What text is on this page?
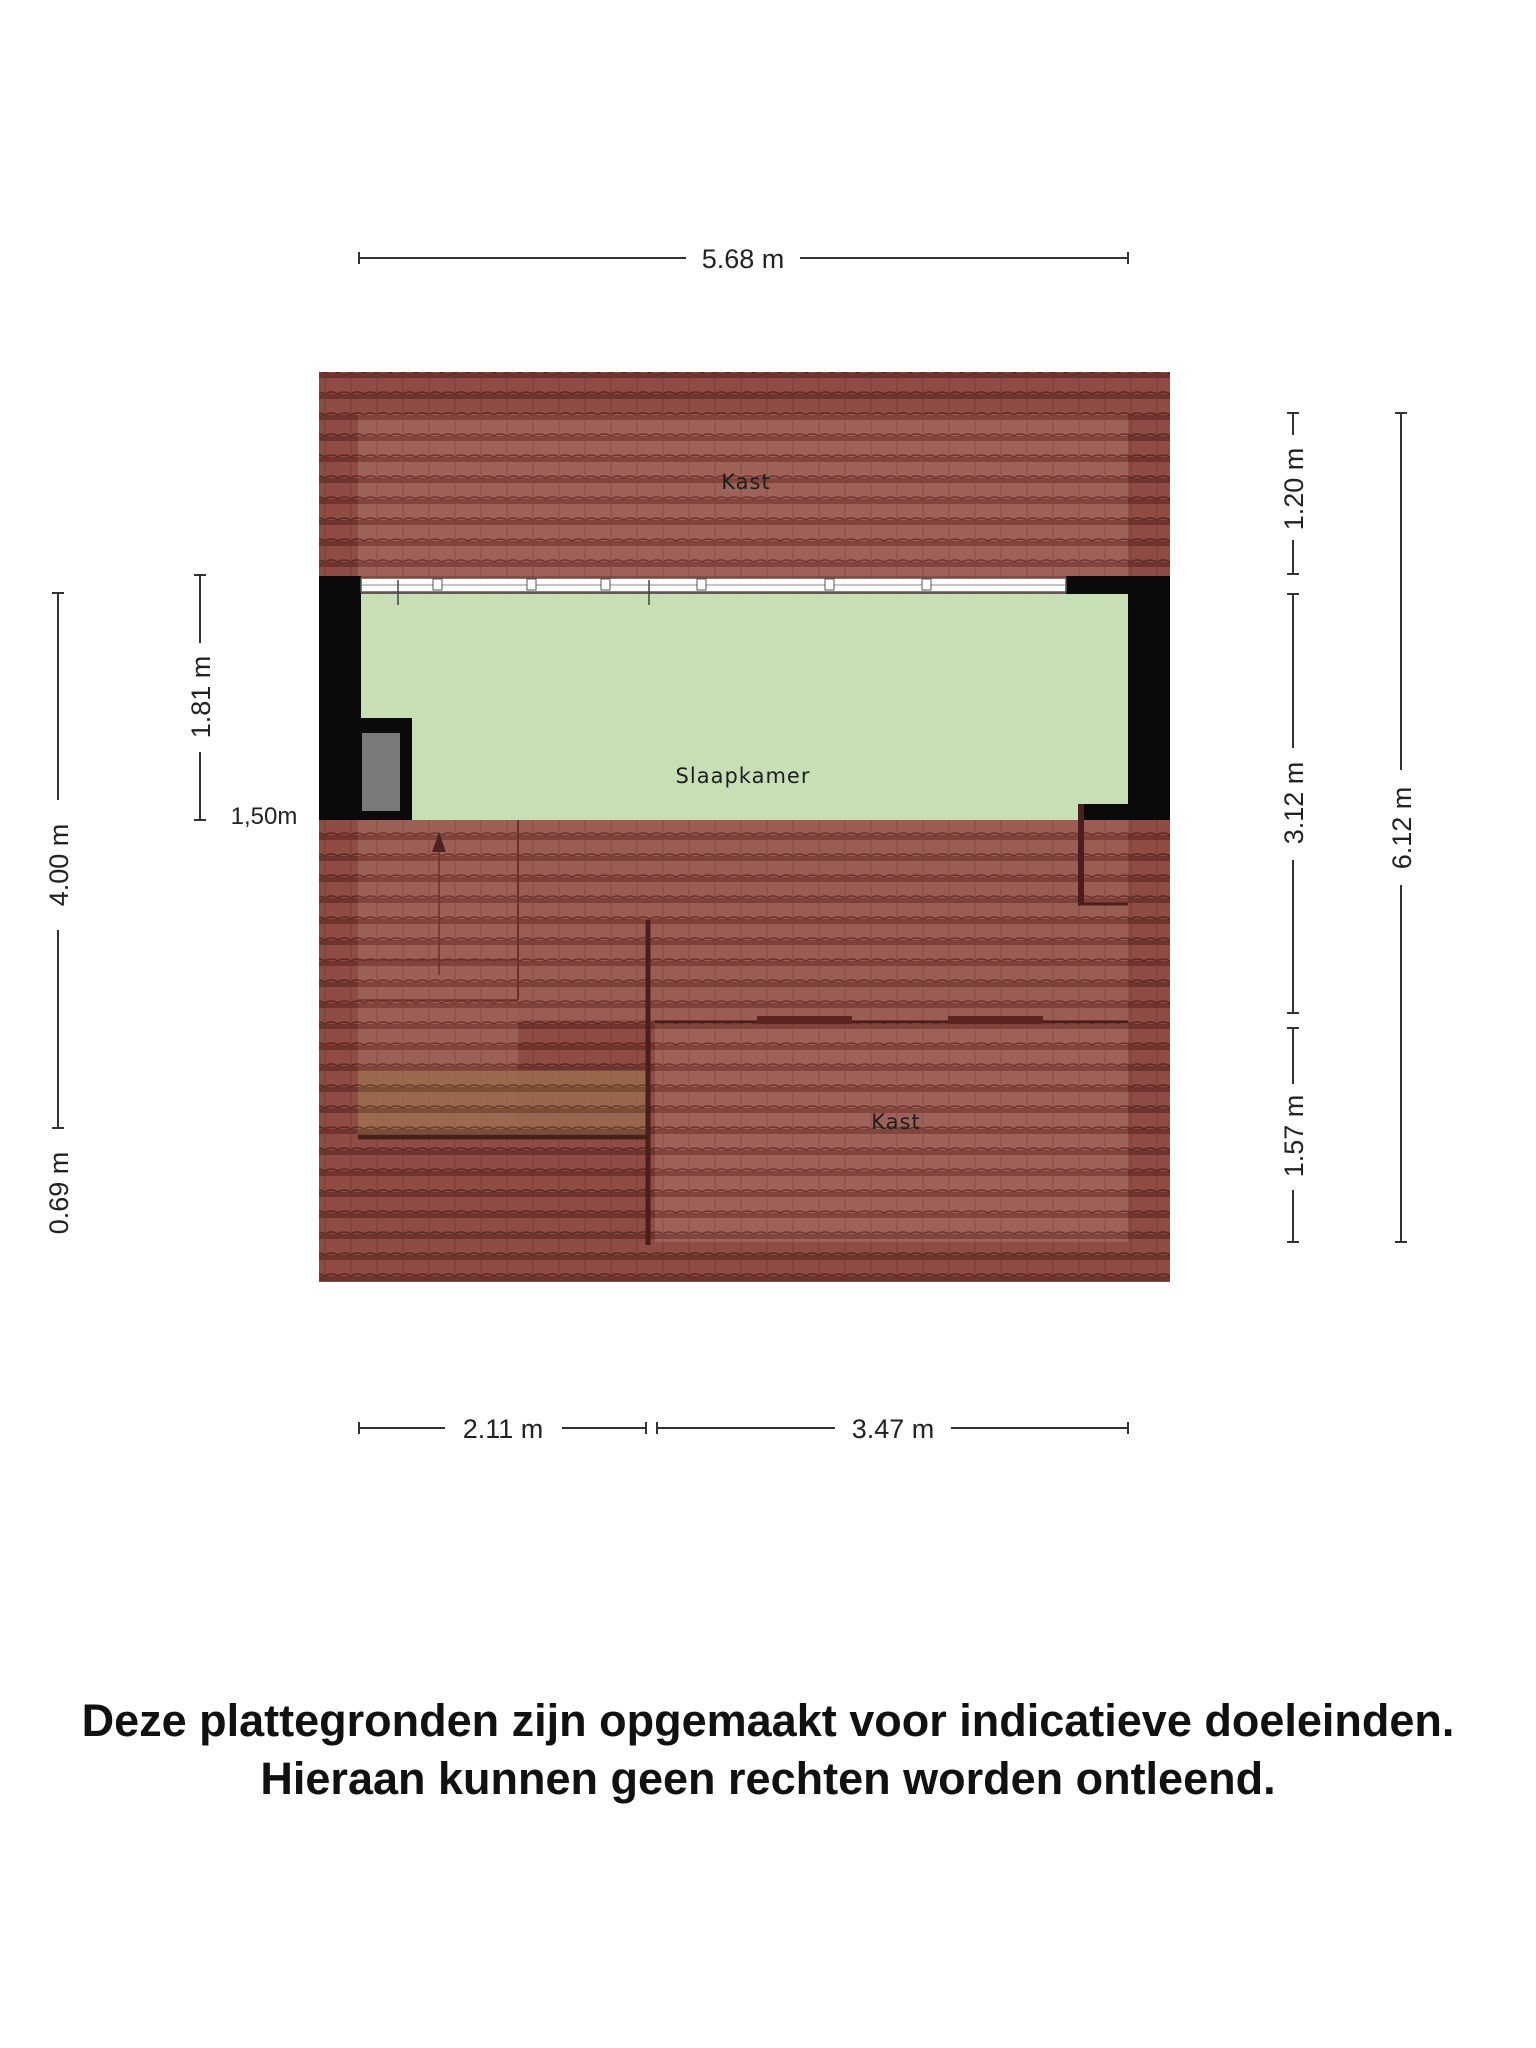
Kast
Slaapkamer
Kast
5.68 m
2.11 m	3.47 m
1.20 m
3.12 m
1.57 m
6.12 m
4.00 m
0.69 m
1.81 m
1,50m
Deze plattegronden zijn opgemaakt voor indicatieve doeleinden.
Hieraan kunnen geen rechten worden ontleend.
